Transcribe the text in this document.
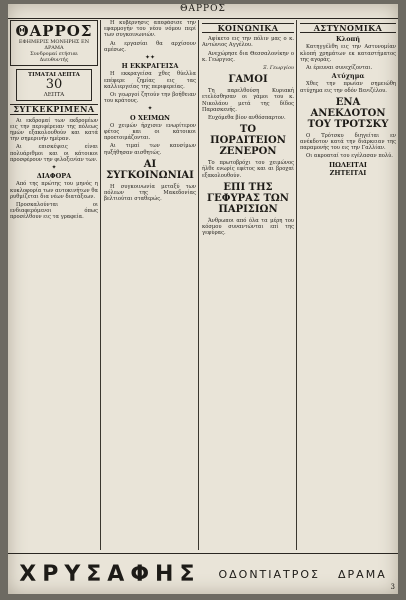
ΘΑΡΡΟΣ
ΘΑΡΡΟΣ
ΕΦΗΜΕΡΙΣ ΜΟΝΗΡΗΣ ΕΝ ΔΡΑΜΑ
Συνδρομαί ετήσιαι
Διευθυντής
ΤΙΜΑΤΑΙ ΛΕΠΤΑ
30
ΛΕΠΤΑ
ΣΥΓΚΕΚΡΙΜΕΝΑ

Αι εκδρομαί των εκδρομέων εις την περιφέρειαν της πόλεως ημών εξακολουθούν και κατά την σημερινήν ημέραν.

Αι επισκέψεις είναι πολυάριθμοι και οι κάτοικοι προσφέρουν την φιλοξενίαν των.

✦
ΔΙΑΦΟΡΑ

Από της πρώτης του μηνός η κυκλοφορία των αυτοκινήτων θα ρυθμίζεται δια νέων διατάξεων.

Προσκαλούνται οι ενδιαφερόμενοι όπως προσέλθουν εις τα γραφεία.

Η κυβέρνησις απεφάσισε την εφαρμογήν του νέου νόμου περί των συγκοινωνιών.

Αι εργασίαι θα αρχίσουν αμέσως.

✦✦
Η ΕΚΚΡΑΓΕΙΣΑ

Η εκκραγείσα χθες θύελλα επέφερε ζημίας εις τας καλλιεργείας της περιφερείας.

Οι γεωργοί ζητούν την βοήθειαν του κράτους.

✦
Ο ΧΕΙΜΩΝ

Ο χειμών ήρχισεν ενωρίτερον φέτος και οι κάτοικοι προετοιμάζονται.

Αι τιμαί των καυσίμων ηυξήθησαν αισθητώς.

ΑΙ ΣΥΓΚΟΙΝΩΝΙΑΙ

Η συγκοινωνία μεταξύ των πόλεων της Μακεδονίας βελτιούται σταθερώς.

ΚΟΙΝΩΝΙΚΑ

Αφίκετο εις την πόλιν μας ο κ. Αντώνιος Αγγέλου.

Ανεχώρησε δια Θεσσαλονίκην ο κ. Γεώργιος.

Ξ. Γεωργίου
ΓΑΜΟΙ

Τη παρελθούση Κυριακή ετελέσθησαν οι γάμοι του κ. Νικολάου μετά της δίδος Παρασκευής.

Ευχόμεθα βίον ανθόσπαρτον.

ΤΟ ΠΟΡΔΙΤΕΙΟΝ ΖΕΝΕΡΟΝ

Το πρωτοβρόχι του χειμώνος ήλθε ενωρίς εφέτος και αι βροχαί εξακολουθούν.

ΕΠΙ ΤΗΣ ΓΕΦΥΡΑΣ ΤΩΝ ΠΑΡΙΣΙΩΝ

Άνθρωποι από όλα τα μέρη του κόσμου συναντώνται επί της γεφύρας.

ΑΣΤΥΝΟΜΙΚΑ
Κλοπή

Κατηγγέλθη εις την Αστυνομίαν κλοπή χρημάτων εκ καταστήματος της αγοράς.

Αι έρευναι συνεχίζονται.

Ατύχημα

Χθες την πρωίαν σημειώθη ατύχημα εις την οδόν Βενιζέλου.

ΕΝΑ ΑΝΕΚΔΟΤΟΝ ΤΟΥ ΤΡΟΤΣΚΥ

Ο Τρότσκυ διηγείται εν ανέκδοτον κατά την διάρκειαν της παραμονής του εις την Γαλλίαν.

Οι ακροαταί του εγέλασαν πολύ.

ΠΩΛΕΙΤΑΙ
ΖΗΤΕΙΤΑΙ
ΧΡΥΣΑΦΗΣ ΟΔΟΝΤΙΑΤΡΟΣ ΔΡΑΜΑ
3
